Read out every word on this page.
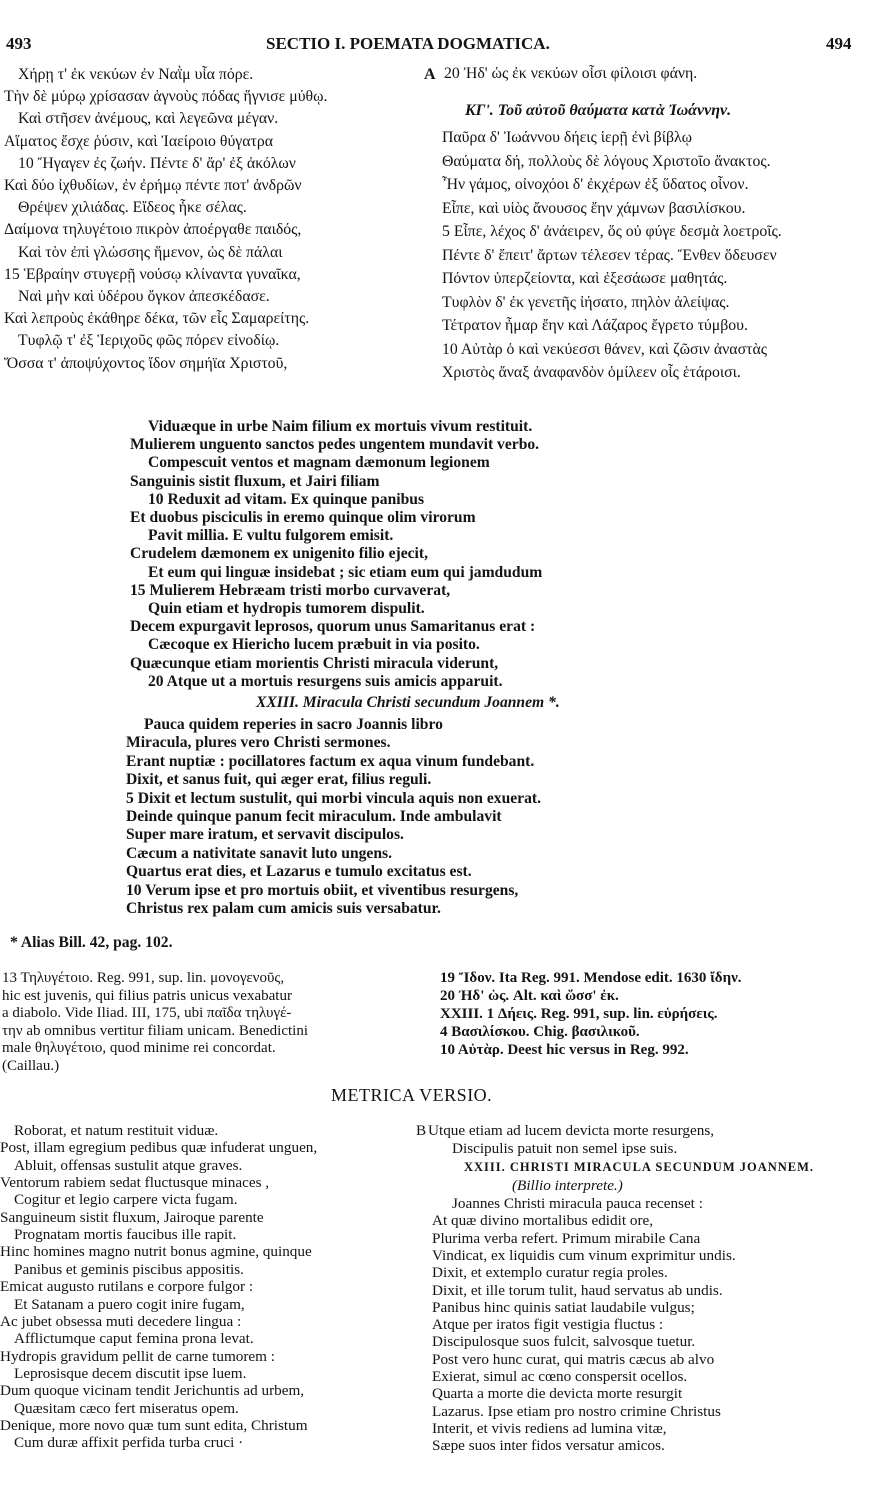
493	SECTIO I. POEMATA DOGMATICA.	494
Χήρῃ τ' ἐκ νεκύων ἐν Ναῒμ υἷα πόρε.
Τὴν δὲ μύρῳ χρίσασαν ἁγνοὺς πόδας ἥγνισε μύθῳ.
Καὶ στῆσεν ἀνέμους, καὶ λεγεῶνα μέγαν.
Αἵματος ἔσχε ῥύσιν, καὶ Ἰαείροιο θύγατρα
10 Ἤγαγεν ἐς ζωήν. Πέντε δ' ἄρ' ἐξ ἀκόλων
Καὶ δύο ἰχθυδίων, ἐν ἐρήμῳ πέντε ποτ' ἀνδρῶν
Θρέψεν χιλιάδας. Εἴδεος ἧκε σέλας.
Δαίμονα τηλυγέτοιο πικρὸν ἀποέργαθε παιδός,
Καὶ τὸν ἐπὶ γλώσσης ἥμενον, ὡς δὲ πάλαι
15 Ἑβραίην στυγερῇ νούσῳ κλίναντα γυναῖκα,
Ναὶ μὴν καὶ ὑδέρου ὄγκον ἀπεσκέδασε.
Καὶ λεπροὺς ἐκάθηρε δέκα, τῶν εἷς Σαμαρείτης.
Τυφλῷ τ' ἐξ Ἱεριχοῦς φῶς πόρεν εἰνοδίῳ.
Ὅσσα τ' ἀποψύχοντος ἴδον σημήϊα Χριστοῦ,
A 20 Ἠδ' ὡς ἐκ νεκύων οἷσι φίλοισι φάνη.
ΚΓʹ. Τοῦ αὐτοῦ θαύματα κατὰ Ἰωάννην.
Παῦρα δ' Ἰωάννου δήεις ἱερῇ ἐνὶ βίβλῳ
Θαύματα δή, πολλοὺς δὲ λόγους Χριστοῖο ἄνακτος.
Ἦν γάμος, οἰνοχόοι δ' ἐκχέρων ἐξ ὕδατος οἶνον.
Εἶπε, καὶ υἱὸς ἄνουσος ἔην χάμνων βασιλίσκου.
5 Εἶπε, λέχος δ' ἀνάειρεν, ὅς οὐ φύγε δεσμὰ λοετροῖς.
Πέντε δ' ἔπειτ' ἄρτων τέλεσεν τέρας. Ἔνθεν ὅδευσεν
Πόντον ὑπερζείοντα, καὶ ἐξεσάωσε μαθητάς.
Τυφλὸν δ' ἐκ γενετῆς ἰήσατο, πηλὸν ἀλείψας.
Τέτρατον ἦμαρ ἔην καὶ Λάζαρος ἔγρετο τύμβου.
10 Αὐτὰρ ὁ καὶ νεκύεσσι θάνεν, καὶ ζῶσιν ἀναστὰς
Χριστὸς ἄναξ ἀναφανδὸν ὁμίλεεν οἷς ἑτάροισι.
Viduæque in urbe Naim filium ex mortuis vivum restituit.
Mulierem unguento sanctos pedes ungentem mundavit verbo.
Compescuit ventos et magnam dæmonum legionem
Sanguinis sistit fluxum, et Jairi filiam
10 Reduxit ad vitam. Ex quinque panibus
Et duobus pisciculis in eremo quinque olim virorum
Pavit millia. E vultu fulgorem emisit.
Crudelem dæmonem ex unigenito filio ejecit,
Et eum qui linguæ insidebat ; sic etiam eum qui jamdudum
15 Mulierem Hebræam tristi morbo curvaverat,
Quin etiam et hydropis tumorem dispulit.
Decem expurgavit leprosos, quorum unus Samaritanus erat :
Cæcoque ex Hiericho lucem præbuit in via posito.
Quæcunque etiam morientis Christi miracula viderunt,
20 Atque ut a mortuis resurgens suis amicis apparuit.
XXIII. Miracula Christi secundum Joannem *.
Pauca quidem reperies in sacro Joannis libro
Miracula, plures vero Christi sermones.
Erant nuptiæ : pocillatores factum ex aqua vinum fundebant.
Dixit, et sanus fuit, qui æger erat, filius reguli.
5 Dixit et lectum sustulit, qui morbi vincula aquis non exuerat.
Deinde quinque panum fecit miraculum. Inde ambulavit
Super mare iratum, et servavit discipulos.
Cæcum a nativitate sanavit luto ungens.
Quartus erat dies, et Lazarus e tumulo excitatus est.
10 Verum ipse et pro mortuis obiit, et viventibus resurgens,
Christus rex palam cum amicis suis versabatur.
* Alias Bill. 42, pag. 102.
13 Τηλυγέτοιο. Reg. 991, sup. lin. μονογενοῦς,
hic est juvenis, qui filius patris unicus vexabatur
a diabolo. Vide Iliad. III, 175, ubi παῖδα τηλυγέ-
την ab omnibus vertitur filiam unicam. Benedictini
male θηλυγέτοιο, quod minime rei concordat.
(Caillau.)
19 Ἴδον. Ita Reg. 991. Mendose edit. 1630 ἴδην.
20 Ἠδ' ὡς. Alt. καὶ ὥσσ' ἐκ.
XXIII. 1 Δήεις. Reg. 991, sup. lin. εὑρήσεις.
4 Βασιλίσκου. Chig. βασιλικοῦ.
10 Αὐτὰρ. Deest hic versus in Reg. 992.
METRICA VERSIO.
Roborat, et natum restituit viduæ.
Post, illam egregium pedibus quæ infuderat unguen,
Abluit, offensas sustulit atque graves.
Ventorum rabiem sedat fluctusque minaces ,
Cogitur et legio carpere victa fugam.
Sanguineum sistit fluxum, Jairoque parente
Prognatam mortis faucibus ille rapit.
Hinc homines magno nutrit bonus agmine, quinque
Panibus et geminis piscibus appositis.
Emicat augusto rutilans e corpore fulgor :
Et Satanam a puero cogit inire fugam,
Ac jubet obsessa muti decedere lingua :
Afflictumque caput femina prona levat.
Hydropis gravidum pellit de carne tumorem :
Leprosisque decem discutit ipse luem.
Dum quoque vicinam tendit Jerichuntis ad urbem,
Quæsitam cæco fert miseratus opem.
Denique, more novo quæ tum sunt edita, Christum
Cum duræ affixit perfida turba cruci ·
B Utque etiam ad lucem devicta morte resurgens,
Discipulis patuit non semel ipse suis.
XXIII. CHRISTI MIRACULA SECUNDUM JOANNEM.
(Billio interprete.)
Joannes Christi miracula pauca recenset :
At quæ divino mortalibus edidit ore,
Plurima verba refert. Primum mirabile Cana
Vindicat, ex liquidis cum vinum exprimitur undis.
Dixit, et extemplo curatur regia proles.
Dixit, et ille torum tulit, haud servatus ab undis.
Panibus hinc quinis satiat laudabile vulgus;
Atque per iratos figit vestigia fluctus :
Discipulosque suos fulcit, salvosque tuetur.
Post vero hunc curat, qui matris cæcus ab alvo
Exierat, simul ac cœno conspersit ocellos.
Quarta a morte die devicta morte resurgit
Lazarus. Ipse etiam pro nostro crimine Christus
Interit, et vivis rediens ad lumina vitæ,
Sæpe suos inter fidos versatur amicos.
